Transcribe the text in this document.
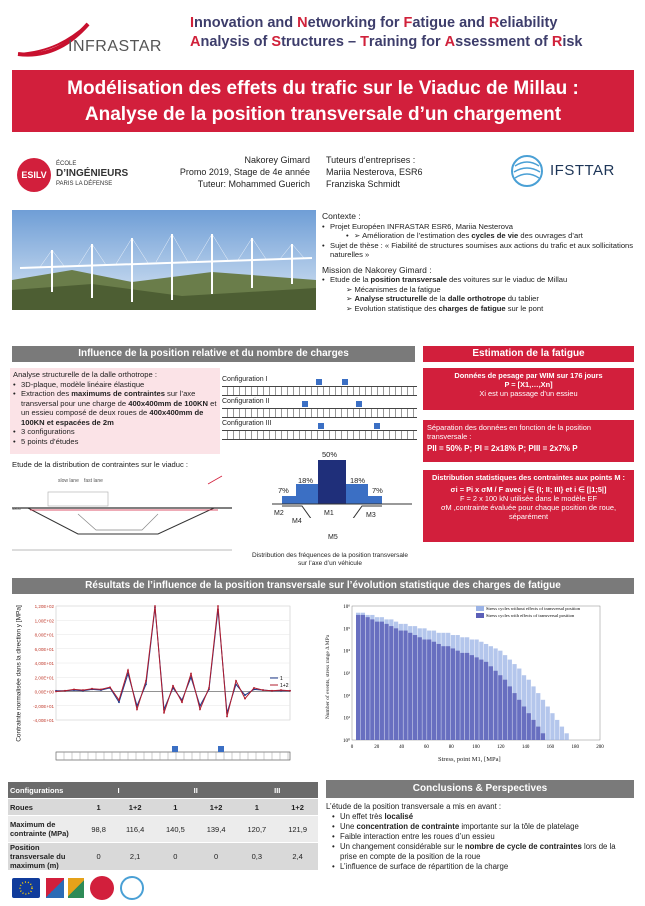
INFRASTAR
Innovation and Networking for Fatigue and Reliability
Analysis of Structures – Training for Assessment of Risk
Modélisation des effets du trafic sur le Viaduc de Millau :
Analyse de la position transversale d’un chargement
ESILV
ÉCOLE
D’INGÉNIEURS
PARIS LA DÉFENSE
Nakorey Gimard
Promo 2019, Stage de 4e année
Tuteur: Mohammed Guerich
Tuteurs d’entreprises :
Mariia Nesterova, ESR6
Franziska Schmidt
IFSTTAR
Contexte :
• Projet Européen INFRASTAR ESR6, Mariia Nesterova
• ➢ Amélioration de l’estimation des cycles de vie des ouvrages d’art
• Sujet de thèse : « Fiabilité de structures soumises aux actions du trafic et aux sollicitations naturelles »
Mission de Nakorey Gimard :
• Etude de la position transversale des voitures sur le viaduc de Millau
➢ Mécanismes de la fatigue
➢ Analyse structurelle de la dalle orthotrope du tablier
➢ Evolution statistique des charges de fatigue sur le pont
Influence de la position relative et du nombre de charges
Analyse structurelle de la dalle orthotrope :
• 3D-plaque, modèle linéaire élastique
• Extraction des maximums de contraintes sur l’axe transversal pour une charge de 400x400mm de 100KN et un essieu composé de deux roues de 400x400mm de 100KN et espacées de 2m
• 3 configurations
• 5 points d’études
Configuration I
Configuration II
Configuration III
Etude de la distribution de contraintes sur le viaduc :
3800
slow lane fast lane
7%
18%
50%
18%
7%
M2
M4
M1	M3
M5
Distribution des fréquences de la position transversale
sur l’axe d’un véhicule
Estimation de la fatigue
Données de pesage par WIM sur 176 jours
P = [X1,…,Xn]
Xi est un passage d’un essieu
Séparation des données en fonction de la position transversale :
PII = 50% P; PI = 2x18% P; PIII = 2x7% P
Distribution statistiques des contraintes aux points M :
σi = Pi x σM / F avec j ∈ {I; II; III} et i ∈ [|1;5|]
F = 2 x 100 kN utilisée dans le modèle EF
σM ,contrainte évaluée pour chaque position de roue, séparément
Résultats de l’influence de la position transversale sur l’évolution statistique des charges de fatigue
1,20E+02
1,00E+02
8,00E+01
6,00E+01
4,00E+01
2,00E+01
0,00E+00
-2,00E+01
-4,00E+01
1
1+2
Contrainte normalisée dans la direction y [MPa]	10⁶
10⁵
10⁴
10³
10²
10¹
10⁰
0	20	40	60	80	100	120	140	160	180	200
Stress cycles without effects of transversal position
Stress cycles with effects of transversal position
Stress, point M1, [MPa]
Number of events, stress range Δ MPa
Configurations	I		II		III	
Roues	1	1+2	1	1+2	1	1+2
Maximum de contrainte (MPa)	98,8	116,4	140,5	139,4	120,7	121,9
Position transversale du maximum (m)	0	2,1	0	0	0,3	2,4
Conclusions & Perspectives
L’étude de la position transversale a mis en avant :
• Un effet très localisé
• Une concentration de contrainte importante sur la tôle de platelage
• Faible interaction entre les roues d’un essieu
• Un changement considérable sur le nombre de cycle de contraintes lors de la prise en compte de la position de la roue
• L’influence de surface de répartition de la charge
